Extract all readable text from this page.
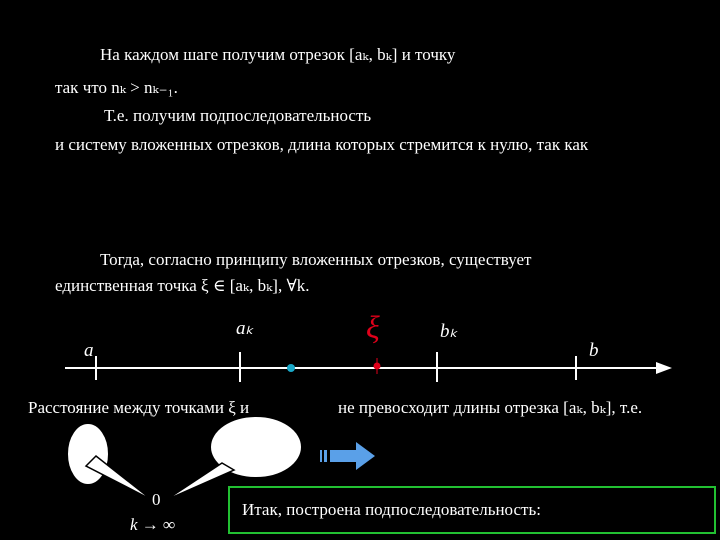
На каждом шаге получим отрезок [aₖ, bₖ] и точку
так что nₖ > nₖ₋₁.
Т.е. получим подпоследовательность
и систему вложенных отрезков, длина которых стремится к нулю, так как
Тогда, согласно принципу вложенных отрезков, существует
единственная точка ξ ∈ [aₖ, bₖ], ∀k.
a
aₖ	ξ	bₖ
b
Расстояние между точками ξ и	не превосходит длины отрезка [aₖ, bₖ], т.е.
0
k → ∞
Итак, построена подпоследовательность:
